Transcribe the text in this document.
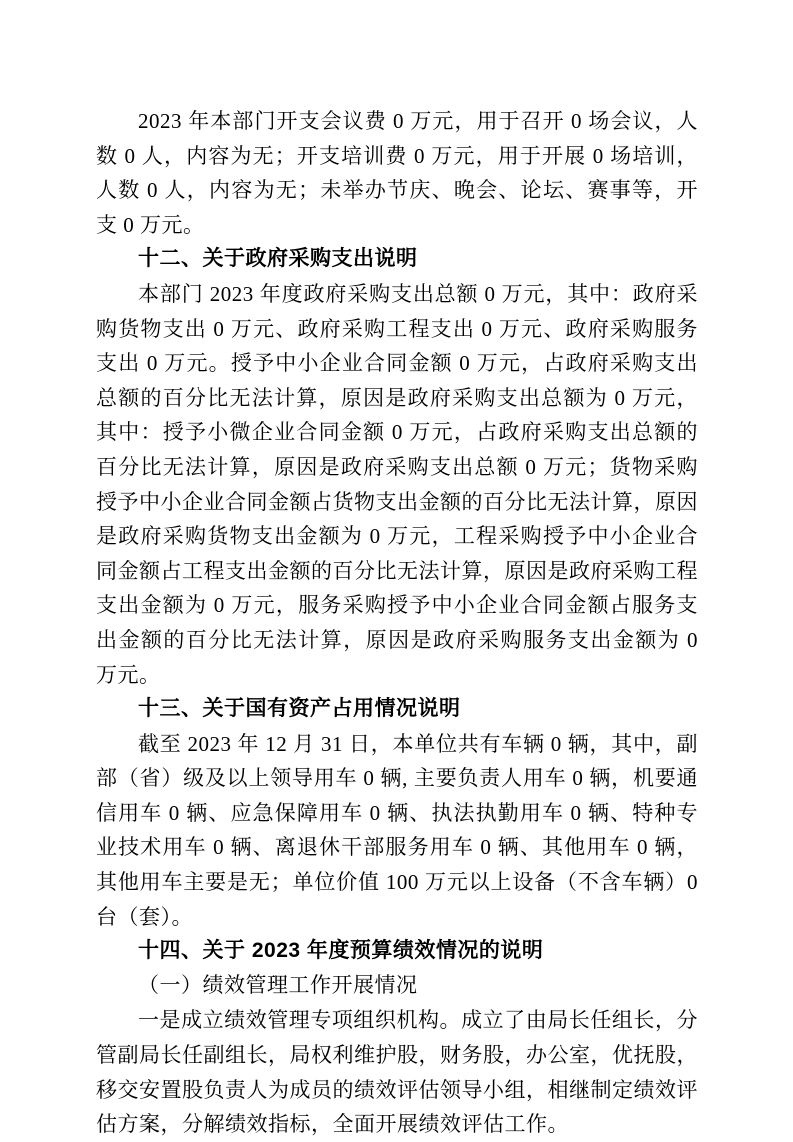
2023 年本部门开支会议费 0 万元，用于召开 0 场会议，人数 0 人，内容为无；开支培训费 0 万元，用于开展 0 场培训，人数 0 人，内容为无；未举办节庆、晚会、论坛、赛事等，开支 0 万元。

十二、关于政府采购支出说明

本部门 2023 年度政府采购支出总额 0 万元，其中：政府采购货物支出 0 万元、政府采购工程支出 0 万元、政府采购服务支出 0 万元。授予中小企业合同金额 0 万元，占政府采购支出总额的百分比无法计算，原因是政府采购支出总额为 0 万元，其中：授予小微企业合同金额 0 万元，占政府采购支出总额的百分比无法计算，原因是政府采购支出总额 0 万元；货物采购授予中小企业合同金额占货物支出金额的百分比无法计算，原因是政府采购货物支出金额为 0 万元，工程采购授予中小企业合同金额占工程支出金额的百分比无法计算，原因是政府采购工程支出金额为 0 万元，服务采购授予中小企业合同金额占服务支出金额的百分比无法计算，原因是政府采购服务支出金额为 0 万元。

十三、关于国有资产占用情况说明

截至 2023 年 12 月 31 日，本单位共有车辆 0 辆，其中，副部（省）级及以上领导用车 0 辆, 主要负责人用车 0 辆，机要通信用车 0 辆、应急保障用车 0 辆、执法执勤用车 0 辆、特种专业技术用车 0 辆、离退休干部服务用车 0 辆、其他用车 0 辆，其他用车主要是无；单位价值 100 万元以上设备（不含车辆）0 台（套）。

十四、关于 2023 年度预算绩效情况的说明
（一）绩效管理工作开展情况

一是成立绩效管理专项组织机构。成立了由局长任组长，分管副局长任副组长，局权利维护股，财务股，办公室，优抚股，移交安置股负责人为成员的绩效评估领导小组，相继制定绩效评估方案，分解绩效指标，全面开展绩效评估工作。
